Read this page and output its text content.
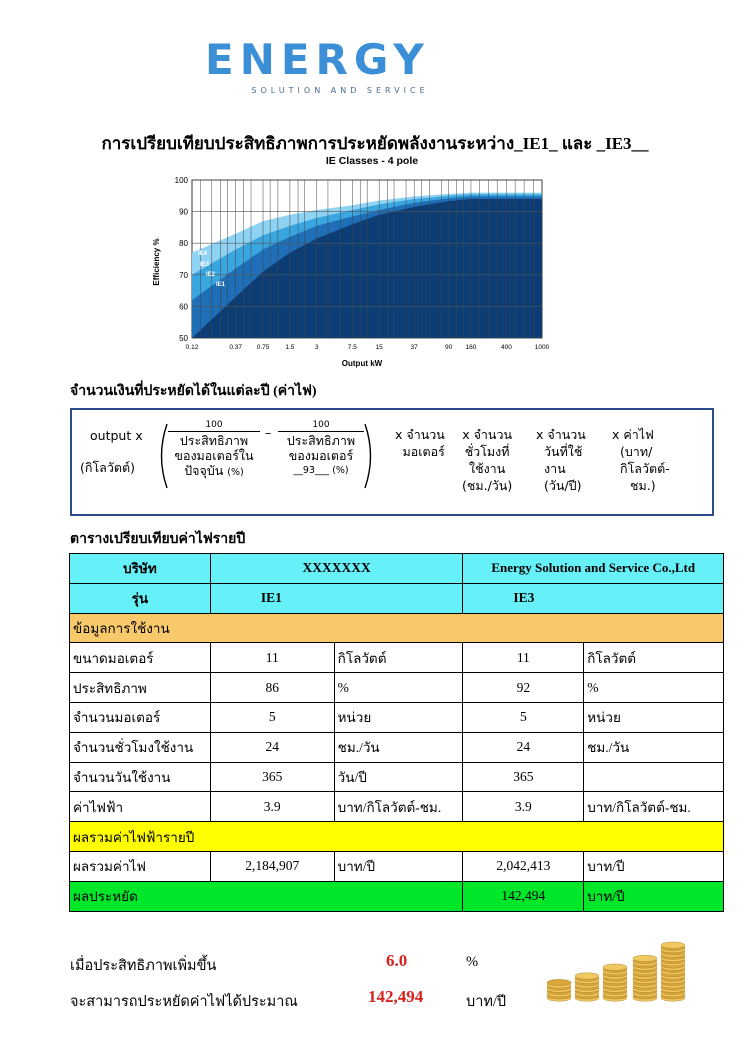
ENERGY
SOLUTION AND SERVICE
การเปรียบเทียบประสิทธิภาพการประหยัดพลังงานระหว่าง_IE1_ และ _IE3__
IE Classes - 4 pole
50
60
70
80
90
100
0.12	0.37 0.75 1.5	3	7.5	15	37	90 160	400	1000
IE4
IE3
IE2
IE1
Output kW
Efficiency %
จำนวนเงินที่ประหยัดได้ในแต่ละปี (ค่าไฟ)
output x
(กิโลวัตต์)
100
ประสิทธิภาพ
ของมอเตอร์ใน
ปัจจุบัน (%)
–	100
ประสิทธิภาพ
ของมอเตอร์
__93___ (%)
x จำนวน
มอเตอร์
x จำนวน
ชั่วโมงที่
ใช้งาน
(ชม./วัน)
x จำนวน
วันที่ใช้
งาน
(วัน/ปี)
x ค่าไฟ
(บาท/
กิโลวัตต์-
ชม.)
ตารางเปรียบเทียบค่าไฟรายปี
บริษัท	XXXXXXX		Energy Solution and Service Co.,Ltd	
รุ่น	IE1		IE3	
ข้อมูลการใช้งาน				
ขนาดมอเตอร์	11	กิโลวัตต์	11	กิโลวัตต์
ประสิทธิภาพ	86	%	92	%
จำนวนมอเตอร์	5	หน่วย	5	หน่วย
จำนวนชั่วโมงใช้งาน	24	ชม./วัน	24	ชม./วัน
จำนวนวันใช้งาน	365	วัน/ปี	365	
ค่าไฟฟ้า	3.9	บาท/กิโลวัตต์-ชม.	3.9	บาท/กิโลวัตต์-ชม.
ผลรวมค่าไฟฟ้ารายปี				
ผลรวมค่าไฟ	2,184,907	บาท/ปี	2,042,413	บาท/ปี
ผลประหยัด			142,494	บาท/ปี
เมื่อประสิทธิภาพเพิ่มขึ้น	6.0	%
จะสามารถประหยัดค่าไฟได้ประมาณ	142,494	บาท/ปี
